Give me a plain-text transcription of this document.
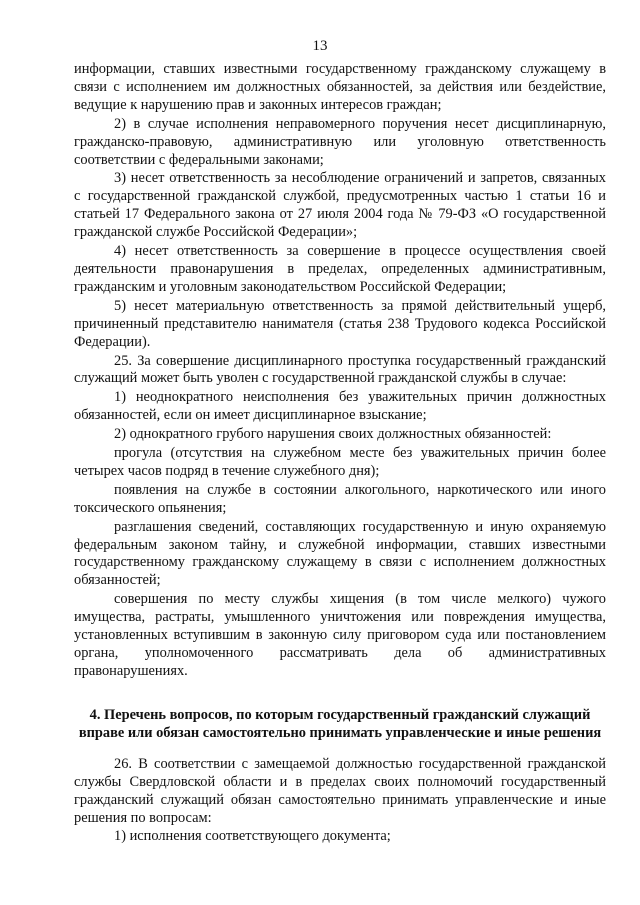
13

информации, ставших известными государственному гражданскому служащему в связи с исполнением им должностных обязанностей, за действия или бездействие, ведущие к нарушению прав и законных интересов граждан;

2) в случае исполнения неправомерного поручения несет дисциплинарную, гражданско-правовую, административную или уголовную ответственность соответствии с федеральными законами;

3) несет ответственность за несоблюдение ограничений и запретов, связанных с государственной гражданской службой, предусмотренных частью 1 статьи 16 и статьей 17 Федерального закона от 27 июля 2004 года № 79-ФЗ «О государственной гражданской службе Российской Федерации»;

4) несет ответственность за совершение в процессе осуществления своей деятельности правонарушения в пределах, определенных административным, гражданским и уголовным законодательством Российской Федерации;

5) несет материальную ответственность за прямой действительный ущерб, причиненный представителю нанимателя (статья 238 Трудового кодекса Российской Федерации).

25. За совершение дисциплинарного проступка государственный гражданский служащий может быть уволен с государственной гражданской службы в случае:

1) неоднократного неисполнения без уважительных причин должностных обязанностей, если он имеет дисциплинарное взыскание;

2) однократного грубого нарушения своих должностных обязанностей:

прогула (отсутствия на служебном месте без уважительных причин более четырех часов подряд в течение служебного дня);

появления на службе в состоянии алкогольного, наркотического или иного токсического опьянения;

разглашения сведений, составляющих государственную и иную охраняемую федеральным законом тайну, и служебной информации, ставших известными государственному гражданскому служащему в связи с исполнением должностных обязанностей;

совершения по месту службы хищения (в том числе мелкого) чужого имущества, растраты, умышленного уничтожения или повреждения имущества, установленных вступившим в законную силу приговором суда или постановлением органа, уполномоченного рассматривать дела об административных правонарушениях.

4. Перечень вопросов, по которым государственный гражданский служащий вправе или обязан самостоятельно принимать управленческие и иные решения

26. В соответствии с замещаемой должностью государственной гражданской службы Свердловской области и в пределах своих полномочий государственный гражданский служащий обязан самостоятельно принимать управленческие и иные решения по вопросам:

1) исполнения соответствующего документа;
